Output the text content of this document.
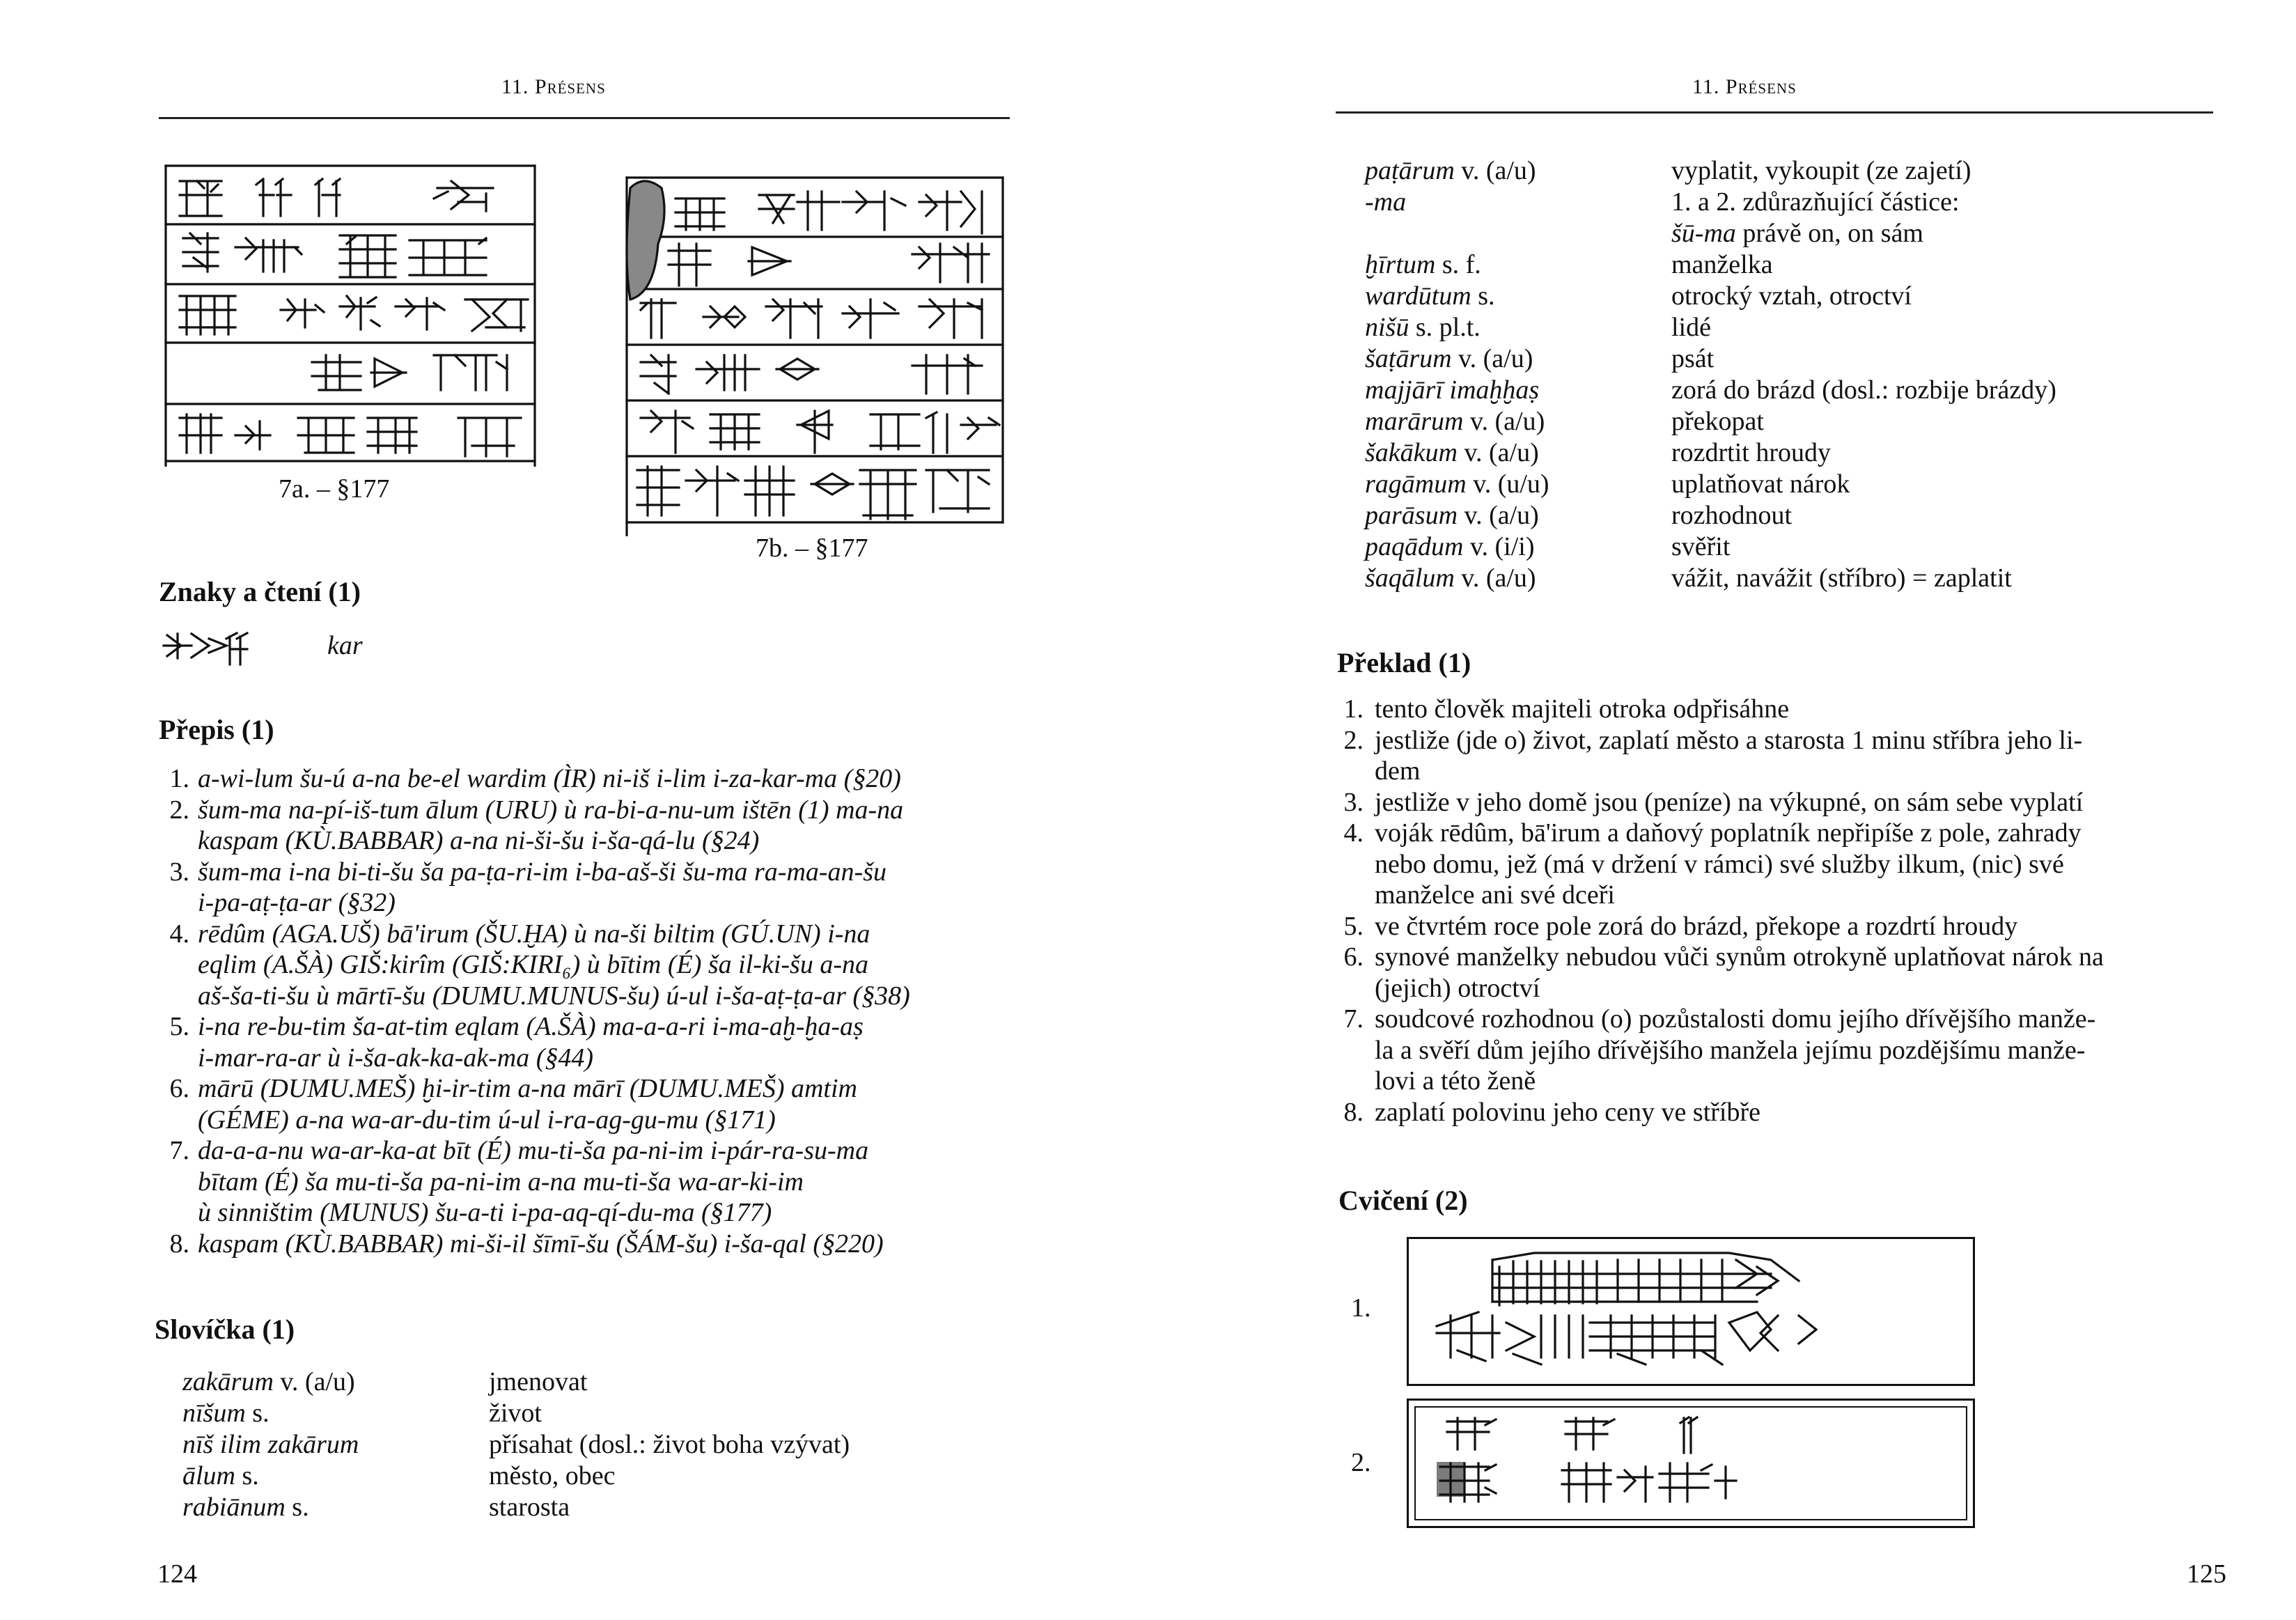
11. Présens
7a. – §177
7b. – §177
Znaky a čtení (1)
kar
Přepis (1)
1. a-wi-lum šu-ú a-na be-el wardim (ÌR) ni-iš i-lim i-za-kar-ma (§20)
2. šum-ma na-pí-iš-tum ālum (URU) ù ra-bi-a-nu-um ištēn (1) ma-na
kaspam (KÙ.BABBAR) a-na ni-ši-šu i-ša-qá-lu (§24)
3. šum-ma i-na bi-ti-šu ša pa-ṭa-ri-im i-ba-aš-ši šu-ma ra-ma-an-šu
i-pa-aṭ-ṭa-ar (§32)
4. rēdûm (AGA.UŠ) bā'irum (ŠU.ḪA) ù na-ši biltim (GÚ.UN) i-na
eqlim (A.ŠÀ) GIŠ:kirîm (GIŠ:KIRI₆) ù bītim (É) ša il-ki-šu a-na
aš-ša-ti-šu ù mārtī-šu (DUMU.MUNUS-šu) ú-ul i-ša-aṭ-ṭa-ar (§38)
5. i-na re-bu-tim ša-at-tim eqlam (A.ŠÀ) ma-a-a-ri i-ma-aḫ-ḫa-aṣ
i-mar-ra-ar ù i-ša-ak-ka-ak-ma (§44)
6. mārū (DUMU.MEŠ) ḫi-ir-tim a-na mārī (DUMU.MEŠ) amtim
(GÉME) a-na wa-ar-du-tim ú-ul i-ra-ag-gu-mu (§171)
7. da-a-a-nu wa-ar-ka-at bīt (É) mu-ti-ša pa-ni-im i-pár-ra-su-ma
bītam (É) ša mu-ti-ša pa-ni-im a-na mu-ti-ša wa-ar-ki-im
ù sinništim (MUNUS) šu-a-ti i-pa-aq-qí-du-ma (§177)
8. kaspam (KÙ.BABBAR) mi-ši-il šīmī-šu (ŠÁM-šu) i-ša-qal (§220)
Slovíčka (1)
zakārum v. (a/u)	jmenovat
nīšum s.	život
nīš ilim zakārum	přísahat (dosl.: život boha vzývat)
ālum s.	město, obec
rabiānum s.	starosta
124
11. Présens
paṭārum v. (a/u)	vyplatit, vykoupit (ze zajetí)
-ma	1. a 2. zdůrazňující částice:
	šū-ma právě on, on sám
ḫīrtum s. f.	manželka
wardūtum s.	otrocký vztah, otroctví
nišū s. pl.t.	lidé
šaṭārum v. (a/u)	psát
majjārī imaḫḫaṣ	zorá do brázd (dosl.: rozbije brázdy)
marārum v. (a/u)	překopat
šakākum v. (a/u)	rozdrtit hroudy
ragāmum v. (u/u)	uplatňovat nárok
parāsum v. (a/u)	rozhodnout
paqādum v. (i/i)	svěřit
šaqālum v. (a/u)	vážit, navážit (stříbro) = zaplatit
Překlad (1)
1. tento člověk majiteli otroka odpřisáhne
2. jestliže (jde o) život, zaplatí město a starosta 1 minu stříbra jeho li-
dem
3. jestliže v jeho domě jsou (peníze) na výkupné, on sám sebe vyplatí
4. voják rēdûm, bā'irum a daňový poplatník nepřipíše z pole, zahrady
nebo domu, jež (má v držení v rámci) své služby ilkum, (nic) své
manželce ani své dceři
5. ve čtvrtém roce pole zorá do brázd, překope a rozdrtí hroudy
6. synové manželky nebudou vůči synům otrokyně uplatňovat nárok na
(jejich) otroctví
7. soudcové rozhodnou (o) pozůstalosti domu jejího dřívějšího manže-
la a svěří dům jejího dřívějšího manžela jejímu pozdějšímu manže-
lovi a této ženě
8. zaplatí polovinu jeho ceny ve stříbře
Cvičení (2)
1.
2.
125
